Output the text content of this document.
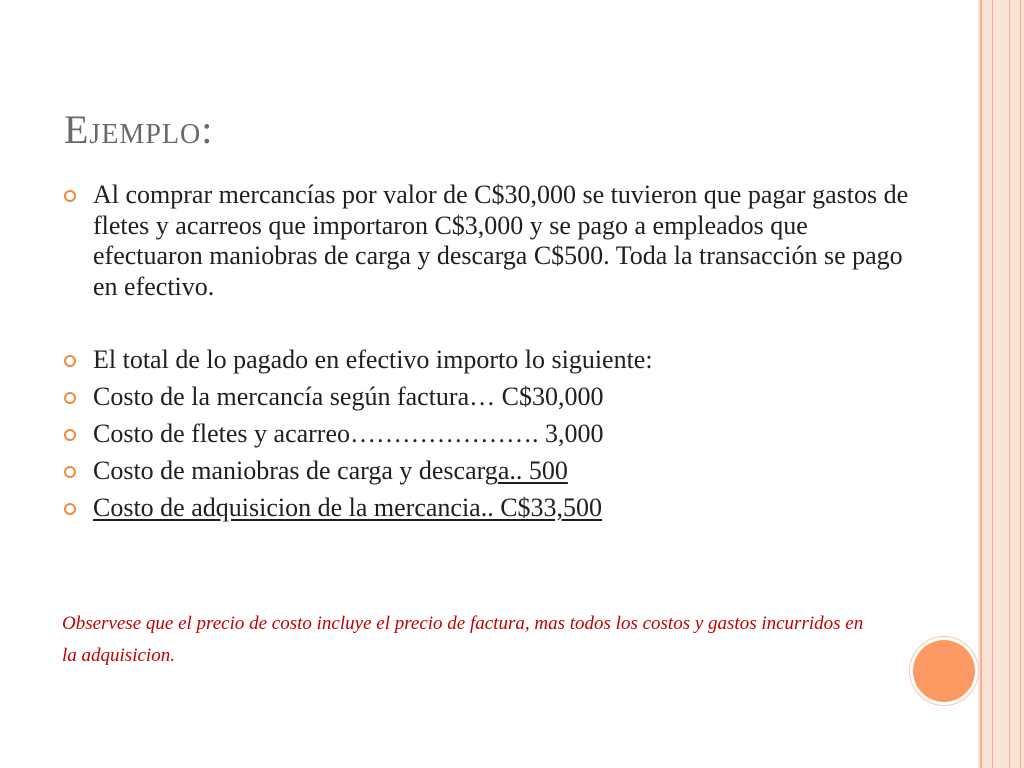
Ejemplo:
Al comprar mercancías por valor de C$30,000 se tuvieron que pagar gastos de fletes y acarreos que importaron C$3,000 y se pago a empleados que efectuaron maniobras de carga y descarga C$500. Toda la transacción se pago en efectivo.
El total de lo pagado en efectivo importo lo siguiente:
Costo de la mercancía según factura… C$30,000
Costo de fletes y acarreo…………………. 3,000
Costo de maniobras de carga y descarga.. 500
Costo de adquisicion de la mercancia.. C$33,500

Observese que el precio de costo incluye el precio de factura, mas todos los costos y gastos incurridos en la adquisicion.
